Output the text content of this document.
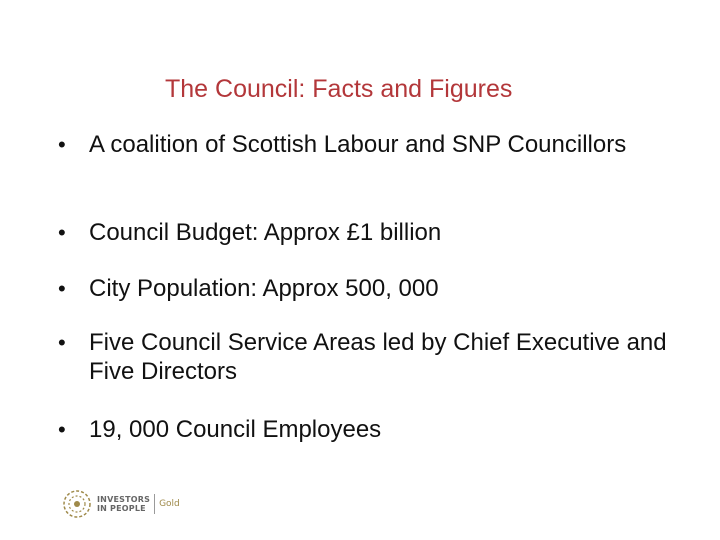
The Council: Facts and Figures
• A coalition of Scottish Labour and SNP Councillors
• Council Budget: Approx £1 billion
• City Population: Approx 500, 000
• Five Council Service Areas led by Chief Executive and Five Directors
• 19, 000 Council Employees
INVESTORS
IN PEOPLE	Gold
